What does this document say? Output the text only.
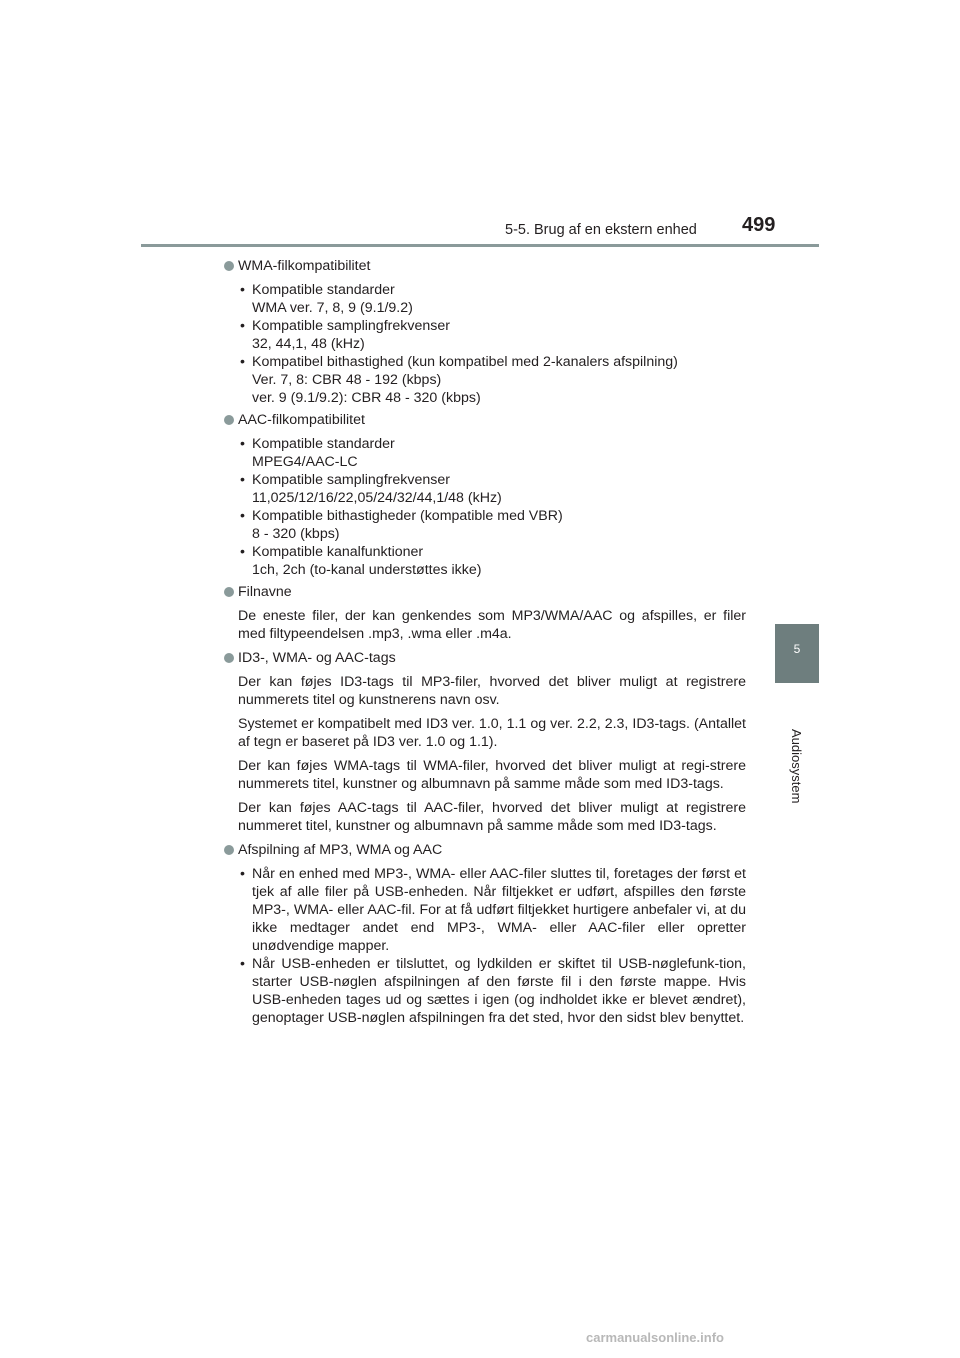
5-5. Brug af en ekstern enhed 499
5
Audiosystem
WMA-filkompatibilitet
• Kompatible standarder
WMA ver. 7, 8, 9 (9.1/9.2)
• Kompatible samplingfrekvenser
32, 44,1, 48 (kHz)
• Kompatibel bithastighed (kun kompatibel med 2-kanalers afspilning)
Ver. 7, 8: CBR 48 - 192 (kbps)
ver. 9 (9.1/9.2): CBR 48 - 320 (kbps)
AAC-filkompatibilitet
• Kompatible standarder
MPEG4/AAC-LC
• Kompatible samplingfrekvenser
11,025/12/16/22,05/24/32/44,1/48 (kHz)
• Kompatible bithastigheder (kompatible med VBR)
8 - 320 (kbps)
• Kompatible kanalfunktioner
1ch, 2ch (to-kanal understøttes ikke)
Filnavne
De eneste filer, der kan genkendes som MP3/WMA/AAC og afspilles, er filer med filtypeendelsen .mp3, .wma eller .m4a.
ID3-, WMA- og AAC-tags
Der kan føjes ID3-tags til MP3-filer, hvorved det bliver muligt at registrere nummerets titel og kunstnerens navn osv.
Systemet er kompatibelt med ID3 ver. 1.0, 1.1 og ver. 2.2, 2.3, ID3-tags. (Antallet af tegn er baseret på ID3 ver. 1.0 og 1.1).
Der kan føjes WMA-tags til WMA-filer, hvorved det bliver muligt at regi-strere nummerets titel, kunstner og albumnavn på samme måde som med ID3-tags.
Der kan føjes AAC-tags til AAC-filer, hvorved det bliver muligt at registrere nummeret titel, kunstner og albumnavn på samme måde som med ID3-tags.
Afspilning af MP3, WMA og AAC
• Når en enhed med MP3-, WMA- eller AAC-filer sluttes til, foretages der først et tjek af alle filer på USB-enheden. Når filtjekket er udført, afspilles den første MP3-, WMA- eller AAC-fil. For at få udført filtjekket hurtigere anbefaler vi, at du ikke medtager andet end MP3-, WMA- eller AAC-filer eller opretter unødvendige mapper.
• Når USB-enheden er tilsluttet, og lydkilden er skiftet til USB-nøglefunk-tion, starter USB-nøglen afspilningen af den første fil i den første mappe. Hvis USB-enheden tages ud og sættes i igen (og indholdet ikke er blevet ændret), genoptager USB-nøglen afspilningen fra det sted, hvor den sidst blev benyttet.
carmanualsonline.info
